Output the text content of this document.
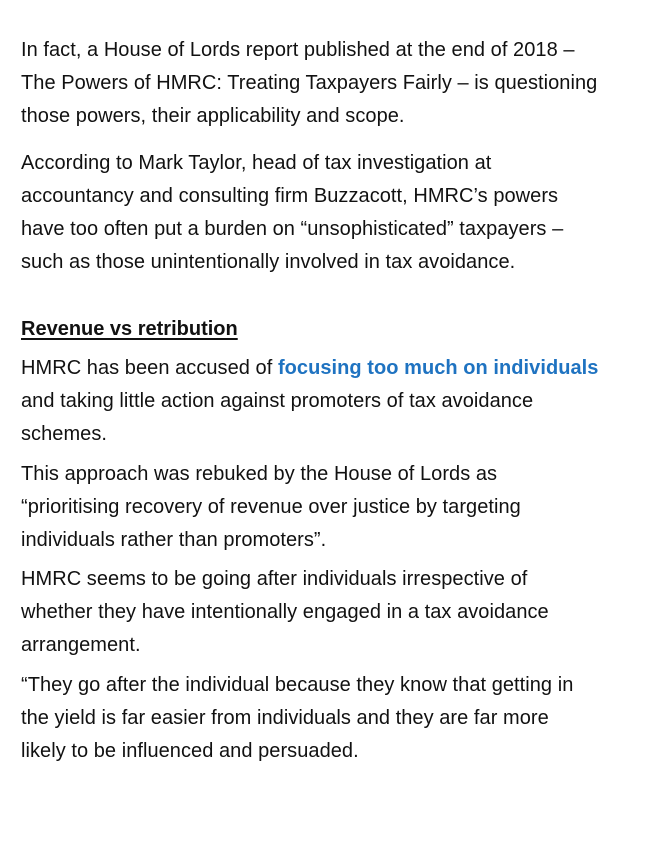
In fact, a House of Lords report published at the end of 2018 –
The Powers of HMRC: Treating Taxpayers Fairly – is questioning
those powers, their applicability and scope.

According to Mark Taylor, head of tax investigation at
accountancy and consulting firm Buzzacott, HMRC’s powers
have too often put a burden on “unsophisticated” taxpayers –
such as those unintentionally involved in tax avoidance.

Revenue vs retribution

HMRC has been accused of focusing too much on individuals
and taking little action against promoters of tax avoidance
schemes.

This approach was rebuked by the House of Lords as
“prioritising recovery of revenue over justice by targeting
individuals rather than promoters”.

HMRC seems to be going after individuals irrespective of
whether they have intentionally engaged in a tax avoidance
arrangement.

“They go after the individual because they know that getting in
the yield is far easier from individuals and they are far more
likely to be influenced and persuaded.
